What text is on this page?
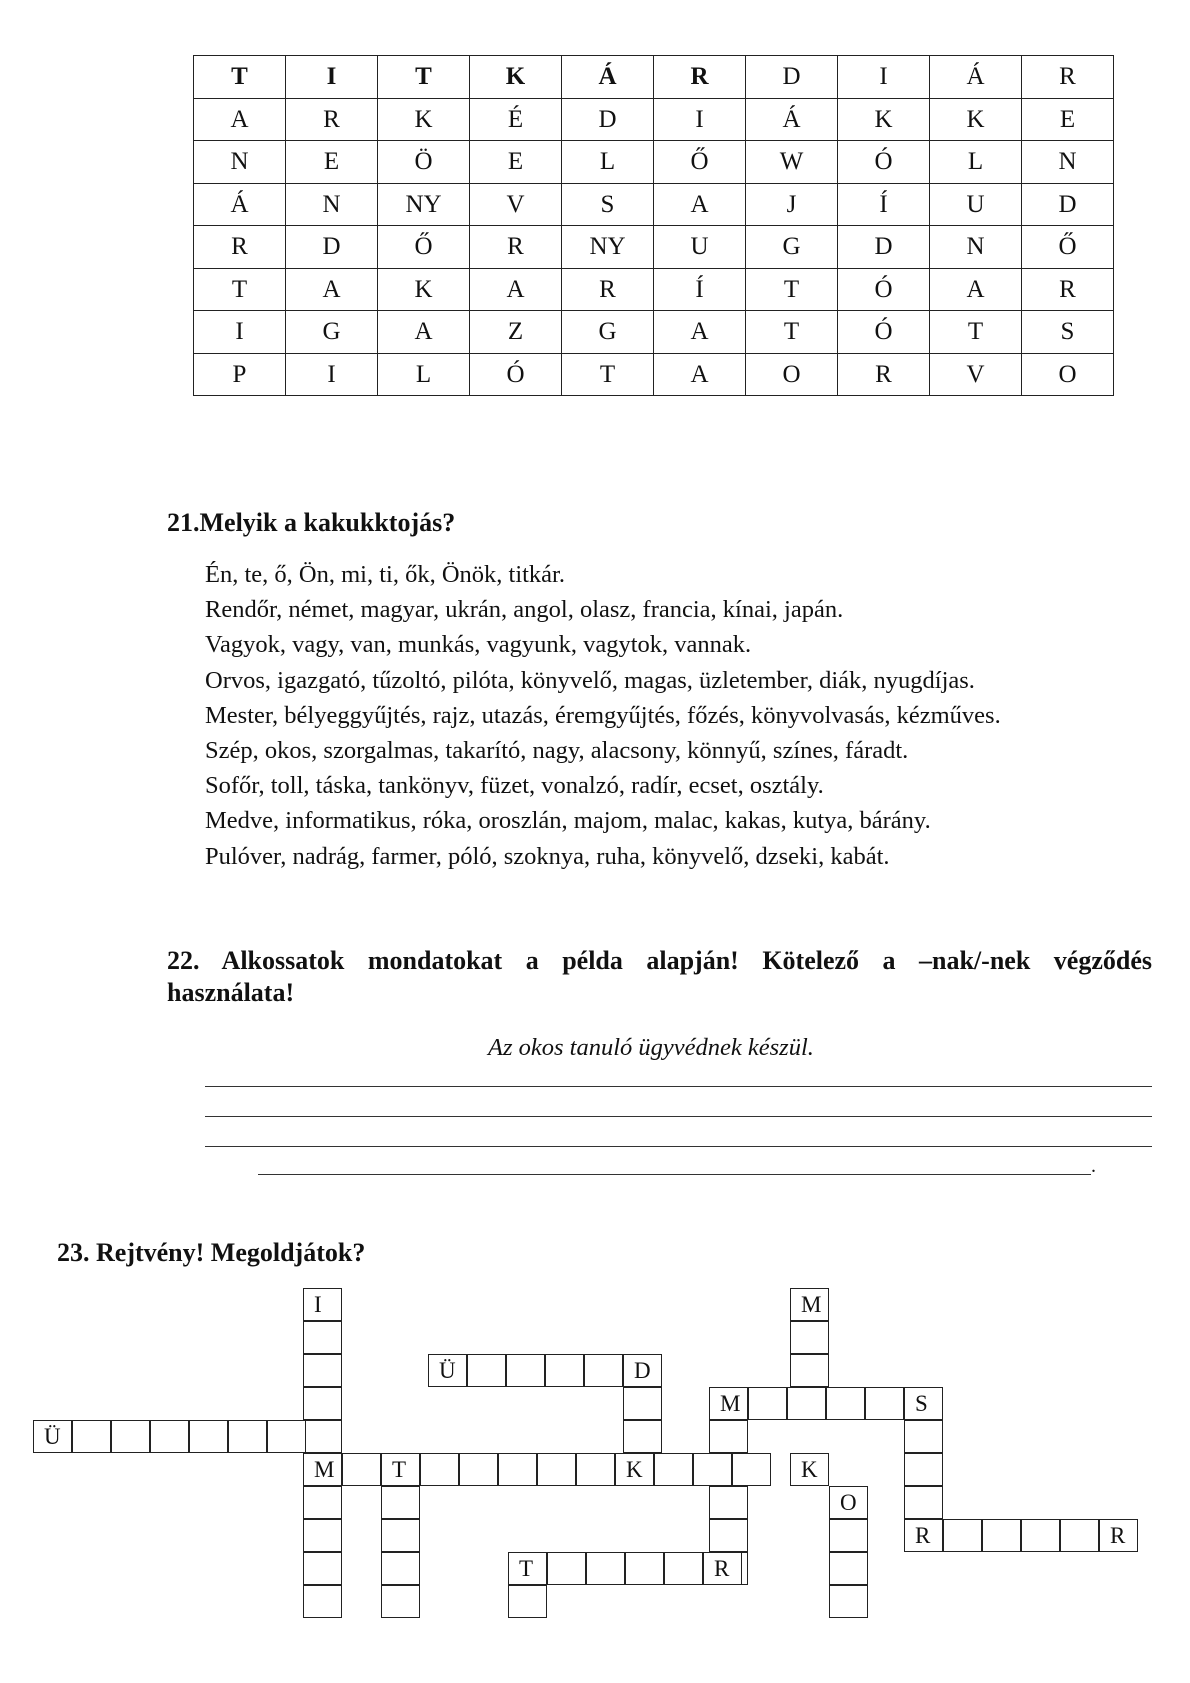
T	I	T	K	Á	R	D	I	Á	R
A	R	K	É	D	I	Á	K	K	E
N	E	Ö	E	L	Ő	W	Ó	L	N
Á	N	NY	V	S	A	J	Í	U	D
R	D	Ő	R	NY	U	G	D	N	Ő
T	A	K	A	R	Í	T	Ó	A	R
I	G	A	Z	G	A	T	Ó	T	S
P	I	L	Ó	T	A	O	R	V	O
21.Melyik a kakukktojás?
Én, te, ő, Ön, mi, ti, ők, Önök, titkár.
Rendőr, német, magyar, ukrán, angol, olasz, francia, kínai, japán.
Vagyok, vagy, van, munkás, vagyunk, vagytok, vannak.
Orvos, igazgató, tűzoltó, pilóta, könyvelő, magas, üzletember, diák, nyugdíjas.
Mester, bélyeggyűjtés, rajz, utazás, éremgyűjtés, főzés, könyvolvasás, kézműves.
Szép, okos, szorgalmas, takarító, nagy, alacsony, könnyű, színes, fáradt.
Sofőr, toll, táska, tankönyv, füzet, vonalzó, radír, ecset, osztály.
Medve, informatikus, róka, oroszlán, majom, malac, kakas, kutya, bárány.
Pulóver, nadrág, farmer, póló, szoknya, ruha, könyvelő, dzseki, kabát.
22. Alkossatok mondatokat a példa alapján! Kötelező a –nak/-nek végződés
használata!
Az okos tanuló ügyvédnek készül.
.
23. Rejtvény! Megoldjátok?
I
Ü	D
M
M	S
Ü
M	T	K	K
O
R	R
T	R
